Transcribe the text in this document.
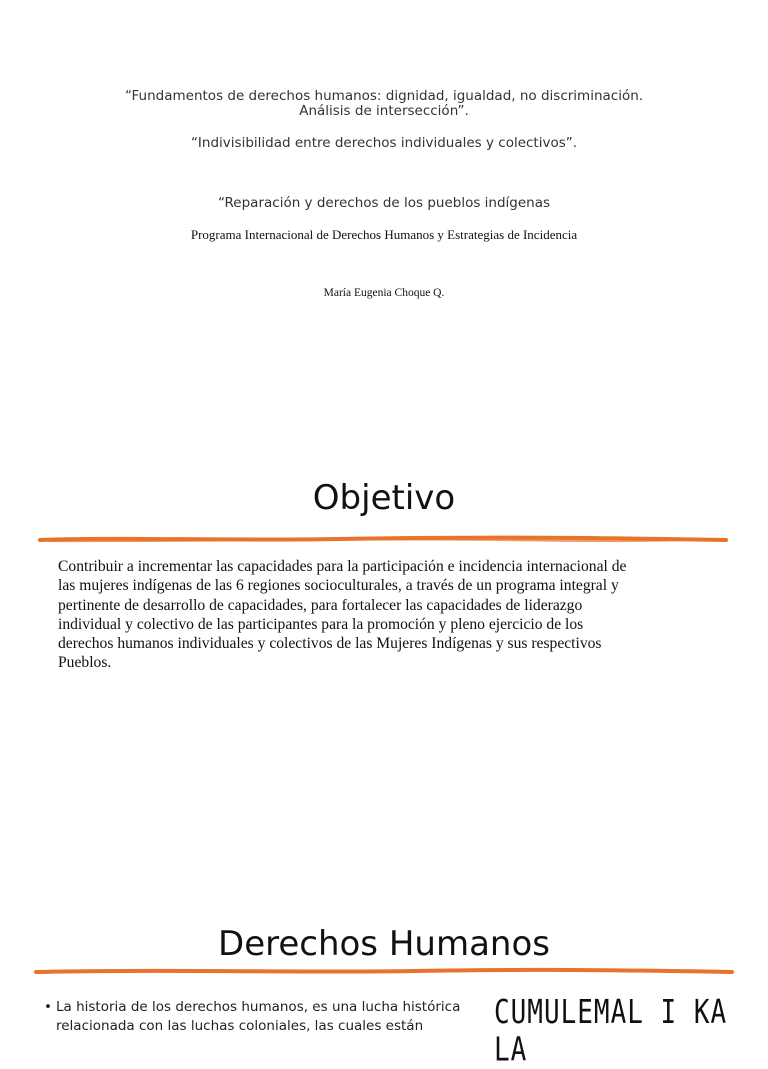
“Fundamentos de derechos humanos: dignidad, igualdad, no discriminación.
Análisis de intersección”.
“Indivisibilidad entre derechos individuales y colectivos”.
“Reparación y derechos de los pueblos indígenas
Programa Internacional de Derechos Humanos y Estrategias de Incidencia
María Eugenia Choque Q.
Objetivo
Contribuir a incrementar las capacidades para la participación e incidencia internacional de
las mujeres indígenas de las 6 regiones socioculturales, a través de un programa integral y
pertinente de desarrollo de capacidades, para fortalecer las capacidades de liderazgo
individual y colectivo de las participantes para la promoción y pleno ejercicio de los
derechos humanos individuales y colectivos de las Mujeres Indígenas y sus respectivos
Pueblos.
Derechos Humanos
• La historia de los derechos humanos, es una lucha histórica
relacionada con las luchas coloniales, las cuales están	CUMULEMAL I KA LA
